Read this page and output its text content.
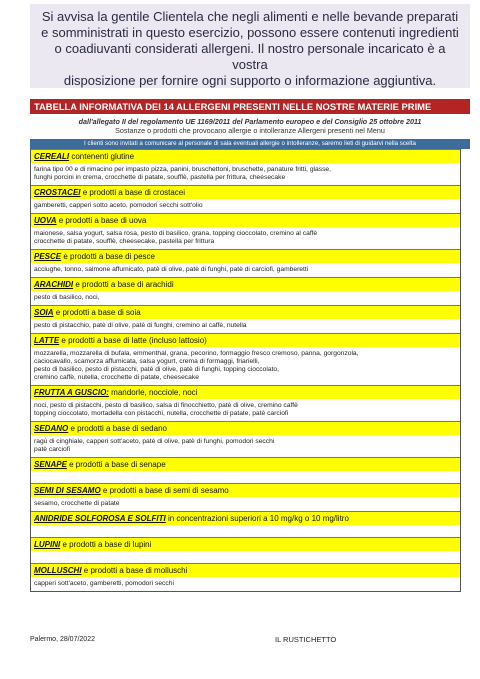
Si avvisa la gentile Clientela che negli alimenti e nelle bevande preparati
e somministrati in questo esercizio, possono essere contenuti ingredienti
o coadiuvanti considerati allergeni. Il nostro personale incaricato è a vostra
disposizione per fornire ogni supporto o informazione aggiuntiva.
TABELLA INFORMATIVA DEI 14 ALLERGENI PRESENTI NELLE NOSTRE MATERIE PRIME
dall'allegato II del regolamento UE 1169/2011 del Parlamento europeo e del Consiglio 25 ottobre 2011
Sostanze o prodotti che provocano allergie o intolleranze Allergeni presenti nel Menu
I clienti sono invitati a comunicare al personale di sala eventuali allergie o intolleranze, saremo lieti di guidarvi nella scelta
CEREALI contenenti glutine
farina tipo 00 e di rimacino per impasto pizza, panini, bruschettoni, bruschette, panature fritti, glasse,
funghi porcini in crema, crocchette di patate, soufflè, pastella per frittura, cheesecake
CROSTACEI e prodotti a base di crostacei
gamberetti, capperi sotto aceto, pomodori secchi sott'olio
UOVA e prodotti a base di uova
maionese, salsa yogurt, salsa rosa, pesto di basilico, grana, topping cioccolato, cremino al caffè
crocchette di patate, soufflè, cheesecake, pastella per frittura
PESCE e prodotti a base di pesce
acciughe, tonno, salmone affumicato, patè di olive, patè di funghi, patè di carciofi, gamberetti
ARACHIDI e prodotti a base di arachidi
pesto di basilico, noci,
SOIA e prodotti a base di soia
pesto di pistacchio, patè di olive, patè di funghi, cremino al caffè, nutella
LATTE e prodotti a base di latte (incluso lattosio)
mozzarella, mozzarella di bufala, emmenthal, grana, pecorino, formaggio fresco cremoso, panna, gorgonzola,
caciocavallo, scamorza affumicata, salsa yogurt, crema di formaggi, friarielli,
pesto di basilico, pesto di pistacchi, patè di olive, patè di funghi, topping cioccolato,
cremino caffè, nutella, crocchette di patate, cheesecake
FRUTTA A GUSCIO: mandorle, nocciole, noci
noci, pesto di pistacchi, pesto di basilico, salsa di finocchietto, patè di olive, cremino caffè
topping cioccolato, mortadella con pistacchi, nutella, crocchette di patate, patè carciofi
SEDANO e prodotti a base di sedano
ragù di cinghiale, capperi sott'aceto, patè di olive, patè di funghi, pomodori secchi
patè carciofi
SENAPE e prodotti a base di senape
SEMI DI SESAMO e prodotti a base di semi di sesamo
sesamo, crocchette di patate
ANIDRIDE SOLFOROSA E SOLFITI in concentrazioni superiori a 10 mg/kg o 10 mg/litro
LUPINI e prodotti a base di lupini
MOLLUSCHI e prodotti a base di molluschi
capperi sott'aceto, gamberetti, pomodori secchi
Palermo, 28/07/2022	IL RUSTICHETTO
